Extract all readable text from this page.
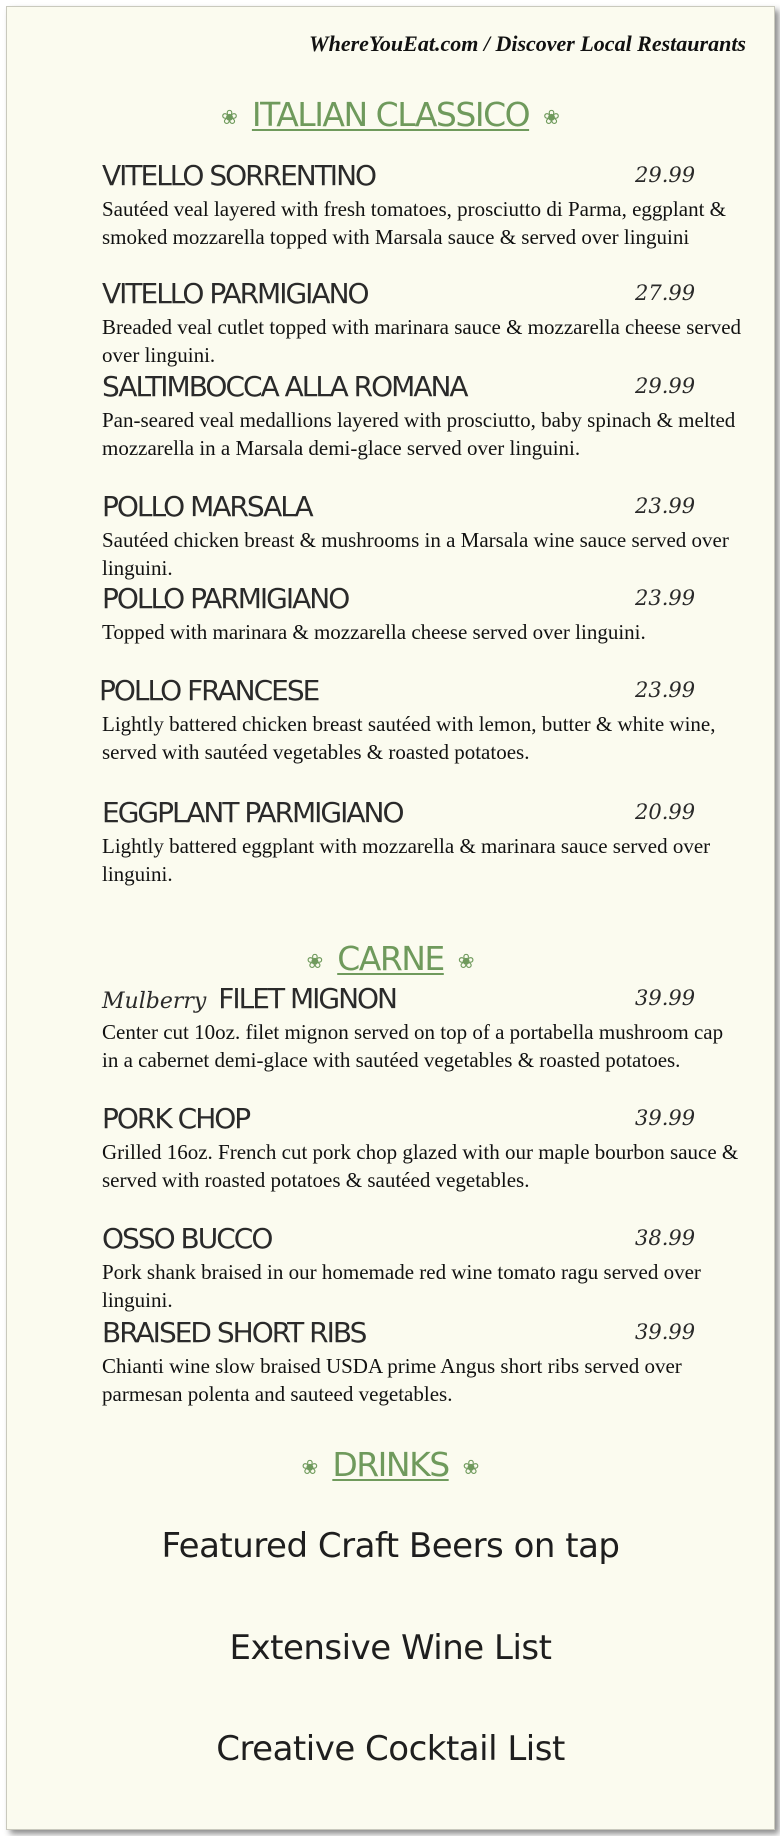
WhereYouEat.com / Discover Local Restaurants
❀ ITALIAN CLASSICO ❀
VITELLO SORRENTINO	29.99
Sautéed veal layered with fresh tomatoes, prosciutto di Parma, eggplant & smoked mozzarella topped with Marsala sauce & served over linguini
VITELLO PARMIGIANO	27.99
Breaded veal cutlet topped with marinara sauce & mozzarella cheese served over linguini.
SALTIMBOCCA ALLA ROMANA	29.99
Pan-seared veal medallions layered with prosciutto, baby spinach & melted mozzarella in a Marsala demi-glace served over linguini.
POLLO MARSALA	23.99
Sautéed chicken breast & mushrooms in a Marsala wine sauce served over linguini.
POLLO PARMIGIANO	23.99
Topped with marinara & mozzarella cheese served over linguini.
POLLO FRANCESE	23.99
Lightly battered chicken breast sautéed with lemon, butter & white wine, served with sautéed vegetables & roasted potatoes.
EGGPLANT PARMIGIANO	20.99
Lightly battered eggplant with mozzarella & marinara sauce served over linguini.
❀ CARNE ❀
Mulberry FILET MIGNON	39.99
Center cut 10oz. filet mignon served on top of a portabella mushroom cap in a cabernet demi-glace with sautéed vegetables & roasted potatoes.
PORK CHOP	39.99
Grilled 16oz. French cut pork chop glazed with our maple bourbon sauce & served with roasted potatoes & sautéed vegetables.
OSSO BUCCO	38.99
Pork shank braised in our homemade red wine tomato ragu served over linguini.
BRAISED SHORT RIBS	39.99
Chianti wine slow braised USDA prime Angus short ribs served over parmesan polenta and sauteed vegetables.
❀ DRINKS ❀
Featured Craft Beers on tap
Extensive Wine List
Creative Cocktail List
